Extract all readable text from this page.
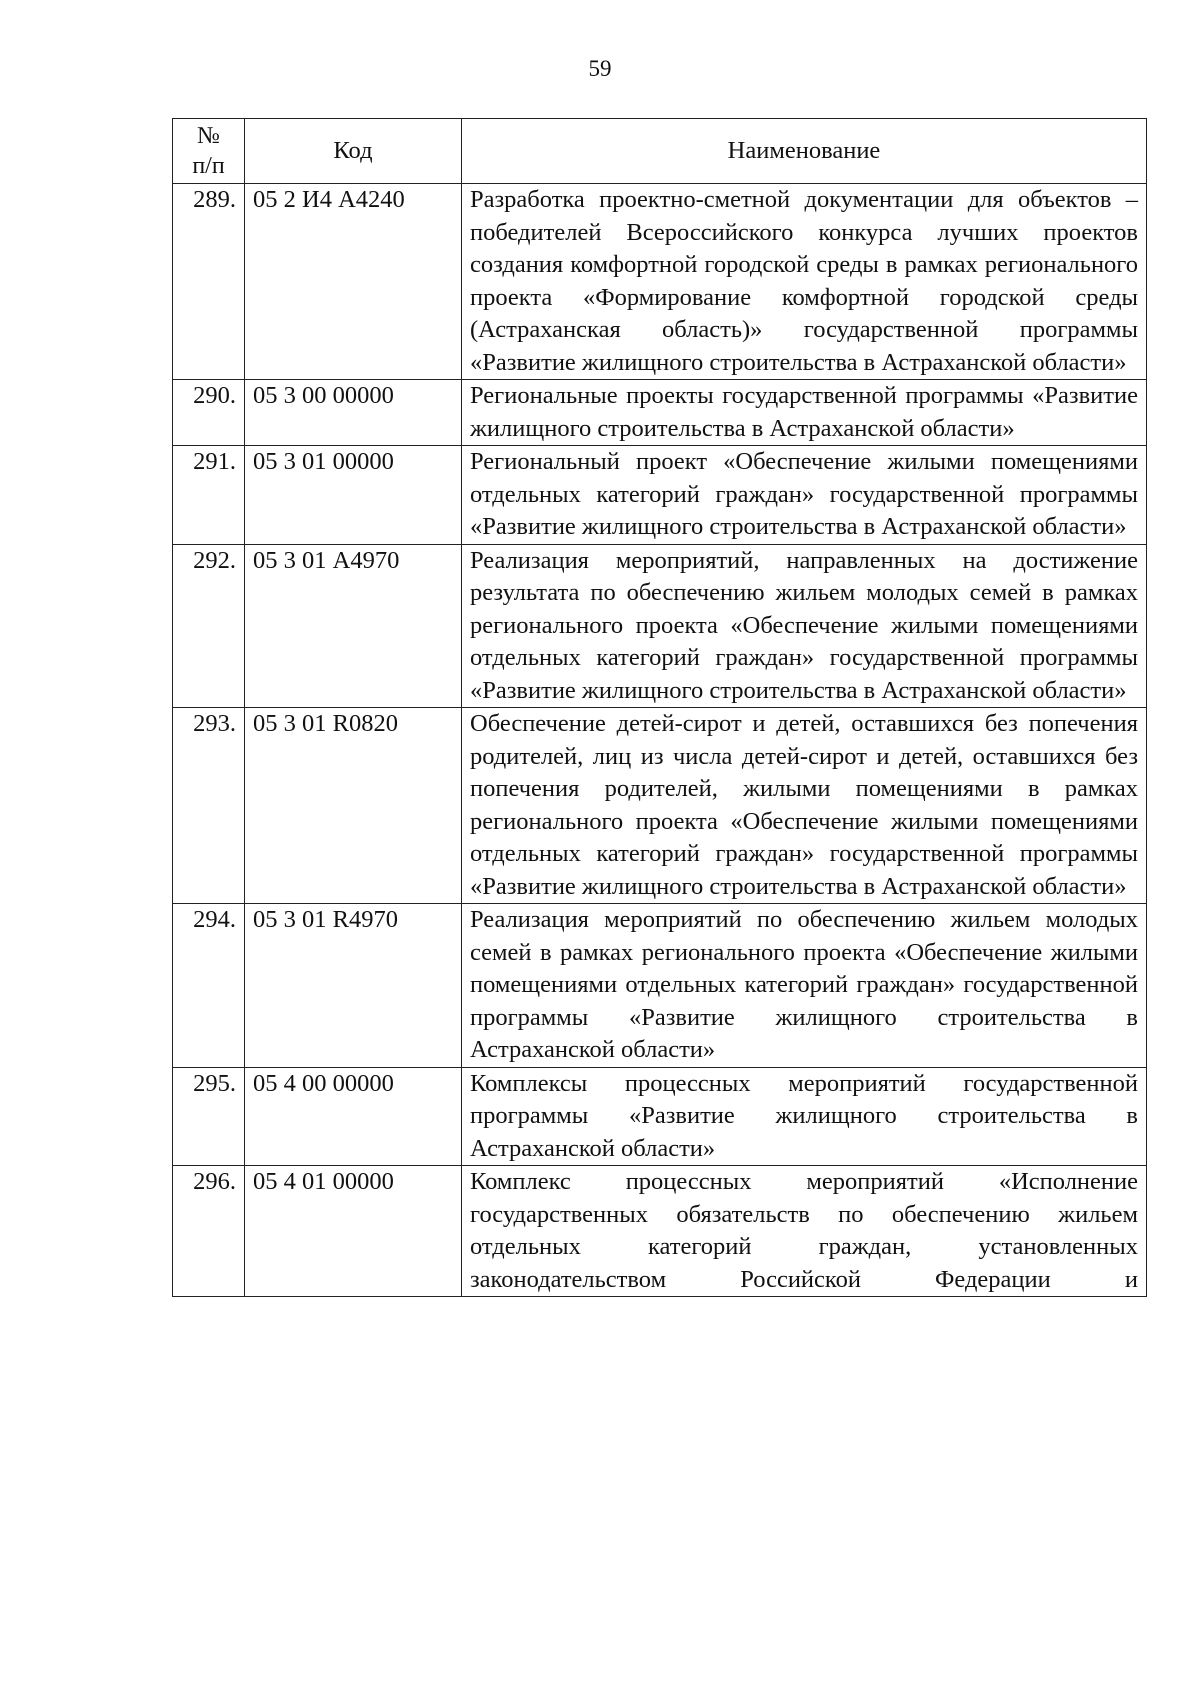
59
№
п/п	Код	Наименование
289.	05 2 И4 А4240	Разработка проектно-сметной документации для объектов – победителей Всероссийского конкурса лучших проектов создания комфортной городской среды в рамках регионального проекта «Формирование комфортной городской среды (Астраханская область)» государственной программы «Развитие жилищного строительства в Астраханской области»
290.	05 3 00 00000	Региональные проекты государственной программы «Развитие жилищного строительства в Астраханской области»
291.	05 3 01 00000	Региональный проект «Обеспечение жилыми помещениями отдельных категорий граждан» государственной программы «Развитие жилищного строительства в Астраханской области»
292.	05 3 01 А4970	Реализация мероприятий, направленных на достижение результата по обеспечению жильем молодых семей в рамках регионального проекта «Обеспечение жилыми помещениями отдельных категорий граждан» государственной программы «Развитие жилищного строительства в Астраханской области»
293.	05 3 01 R0820	Обеспечение детей-сирот и детей, оставшихся без попечения родителей, лиц из числа детей-сирот и детей, оставшихся без попечения родителей, жилыми помещениями в рамках регионального проекта «Обеспечение жилыми помещениями отдельных категорий граждан» государственной программы «Развитие жилищного строительства в Астраханской области»
294.	05 3 01 R4970	Реализация мероприятий по обеспечению жильем молодых семей в рамках регионального проекта «Обеспечение жилыми помещениями отдельных категорий граждан» государственной программы «Развитие жилищного строительства в Астраханской области»
295.	05 4 00 00000	Комплексы процессных мероприятий государственной программы «Развитие жилищного строительства в Астраханской области»
296.	05 4 01 00000	Комплекс процессных мероприятий «Исполнение государственных обязательств по обеспечению жильем отдельных категорий граждан, установленных законодательством Российской Федерации и
